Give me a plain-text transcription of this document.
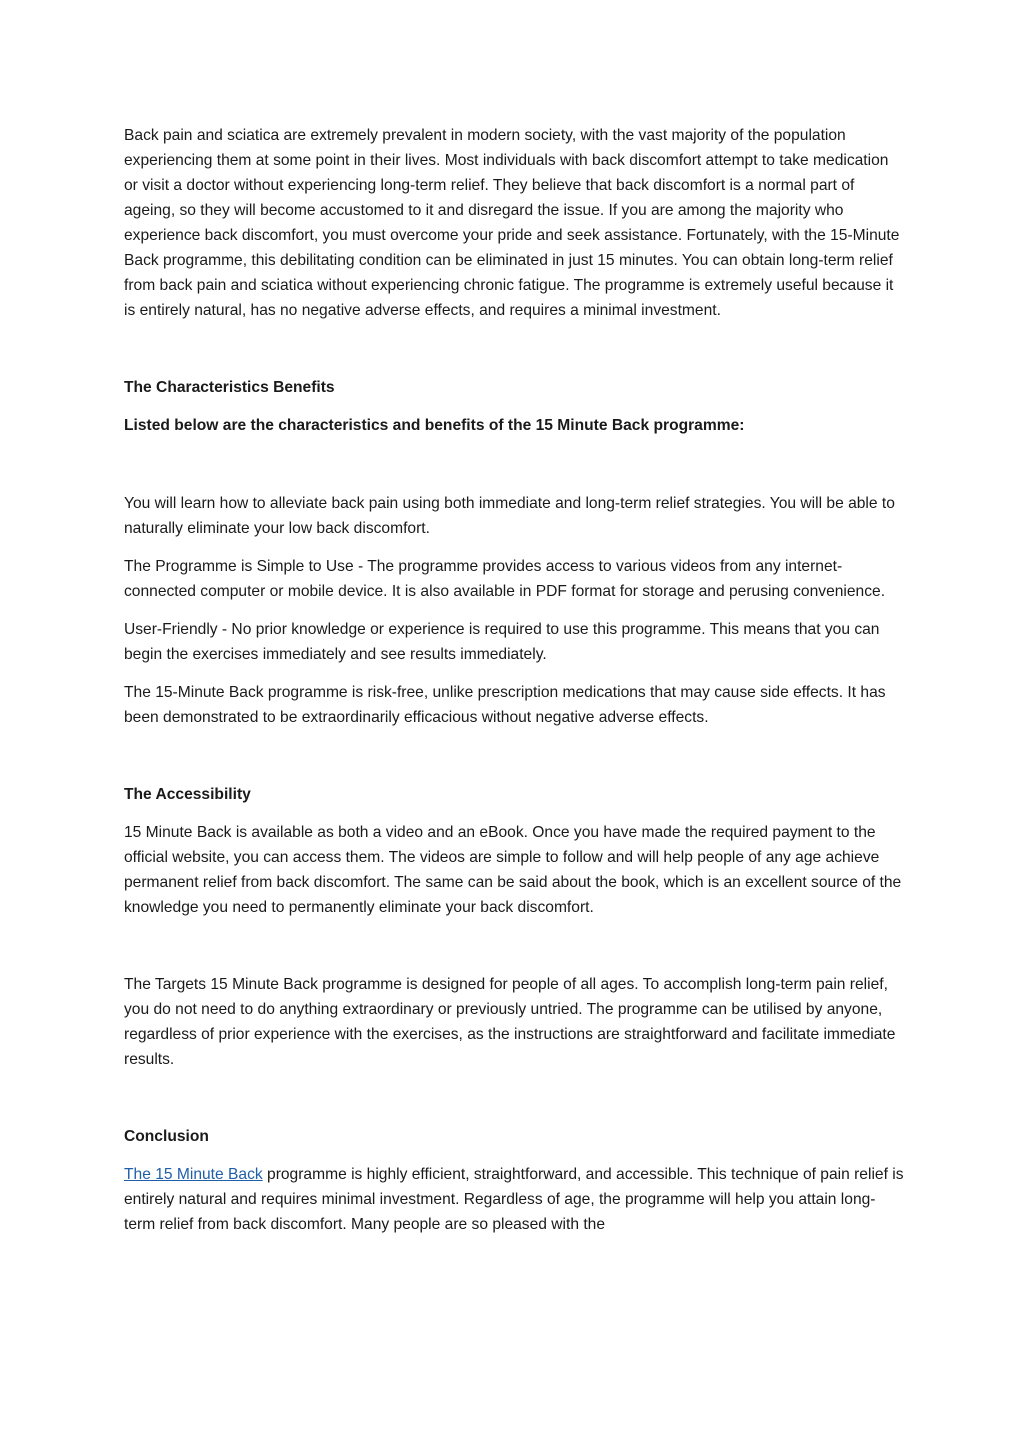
Back pain and sciatica are extremely prevalent in modern society, with the vast majority of the population experiencing them at some point in their lives. Most individuals with back discomfort attempt to take medication or visit a doctor without experiencing long-term relief. They believe that back discomfort is a normal part of ageing, so they will become accustomed to it and disregard the issue. If you are among the majority who experience back discomfort, you must overcome your pride and seek assistance. Fortunately, with the 15-Minute Back programme, this debilitating condition can be eliminated in just 15 minutes. You can obtain long-term relief from back pain and sciatica without experiencing chronic fatigue. The programme is extremely useful because it is entirely natural, has no negative adverse effects, and requires a minimal investment.

The Characteristics Benefits

Listed below are the characteristics and benefits of the 15 Minute Back programme:

You will learn how to alleviate back pain using both immediate and long-term relief strategies. You will be able to naturally eliminate your low back discomfort.

The Programme is Simple to Use - The programme provides access to various videos from any internet-connected computer or mobile device. It is also available in PDF format for storage and perusing convenience.

User-Friendly - No prior knowledge or experience is required to use this programme. This means that you can begin the exercises immediately and see results immediately.

The 15-Minute Back programme is risk-free, unlike prescription medications that may cause side effects. It has been demonstrated to be extraordinarily efficacious without negative adverse effects.

The Accessibility

15 Minute Back is available as both a video and an eBook. Once you have made the required payment to the official website, you can access them. The videos are simple to follow and will help people of any age achieve permanent relief from back discomfort. The same can be said about the book, which is an excellent source of the knowledge you need to permanently eliminate your back discomfort.

The Targets 15 Minute Back programme is designed for people of all ages. To accomplish long-term pain relief, you do not need to do anything extraordinary or previously untried. The programme can be utilised by anyone, regardless of prior experience with the exercises, as the instructions are straightforward and facilitate immediate results.

Conclusion

The 15 Minute Back programme is highly efficient, straightforward, and accessible. This technique of pain relief is entirely natural and requires minimal investment. Regardless of age, the programme will help you attain long-term relief from back discomfort. Many people are so pleased with the
